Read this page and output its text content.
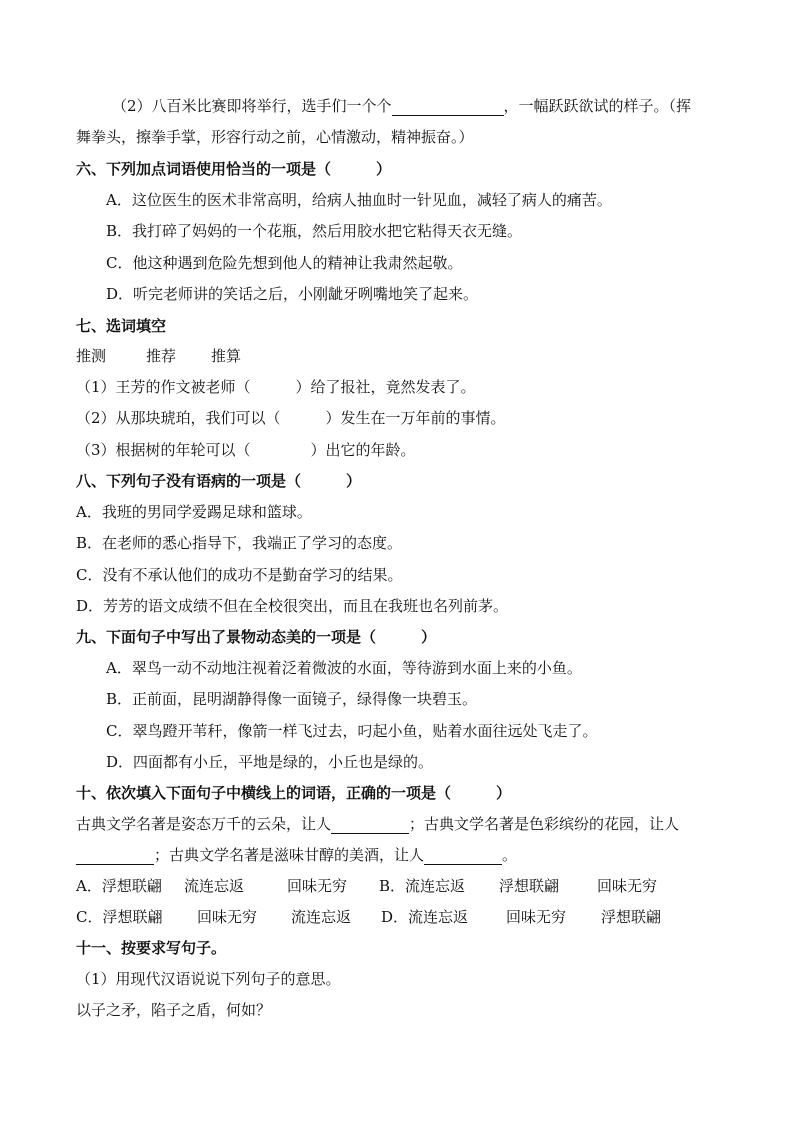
（2）八百米比赛即将举行，选手们一个个	，一幅跃跃欲试的样子。（挥
舞拳头，擦拳手掌，形容行动之前，心情激动，精神振奋。）
六、下列加点词语使用恰当的一项是（　　　）
A．这位医生的医术非常高明，给病人抽血时一针见血，减轻了病人的痛苦。
B．我打碎了妈妈的一个花瓶，然后用胶水把它粘得天衣无缝。
C．他这种遇到危险先想到他人的精神让我肃然起敬。
D．听完老师讲的笑话之后，小刚龇牙咧嘴地笑了起来。
七、选词填空
推测	推荐 推算
（1）王芳的作文被老师（　　　）给了报社，竟然发表了。
（2）从那块琥珀，我们可以（　　　）发生在一万年前的事情。
（3）根据树的年轮可以（　　　　）出它的年龄。
八、下列句子没有语病的一项是（　　　）
A．我班的男同学爱踢足球和篮球。
B．在老师的悉心指导下，我端正了学习的态度。
C．没有不承认他们的成功不是勤奋学习的结果。
D．芳芳的语文成绩不但在全校很突出，而且在我班也名列前茅。
九、下面句子中写出了景物动态美的一项是（　　　）
A．翠鸟一动不动地注视着泛着微波的水面，等待游到水面上来的小鱼。
B．正前面，昆明湖静得像一面镜子，绿得像一块碧玉。
C．翠鸟蹬开苇秆，像箭一样飞过去，叼起小鱼，贴着水面往远处飞走了。
D．四面都有小丘，平地是绿的，小丘也是绿的。
十、依次填入下面句子中横线上的词语，正确的一项是（　　　）
古典文学名著是姿态万千的云朵，让人	；古典文学名著是色彩缤纷的花园，让人
；古典文学名著是滋味甘醇的美酒，让人	。
A．浮想联翩 流连忘返	回味无穷 B．流连忘返 浮想联翩	回味无穷
C．浮想联翩 回味无穷 流连忘返 D．流连忘返	回味无穷 浮想联翩
十一、按要求写句子。
（1）用现代汉语说说下列句子的意思。
以子之矛，陷子之盾，何如？
